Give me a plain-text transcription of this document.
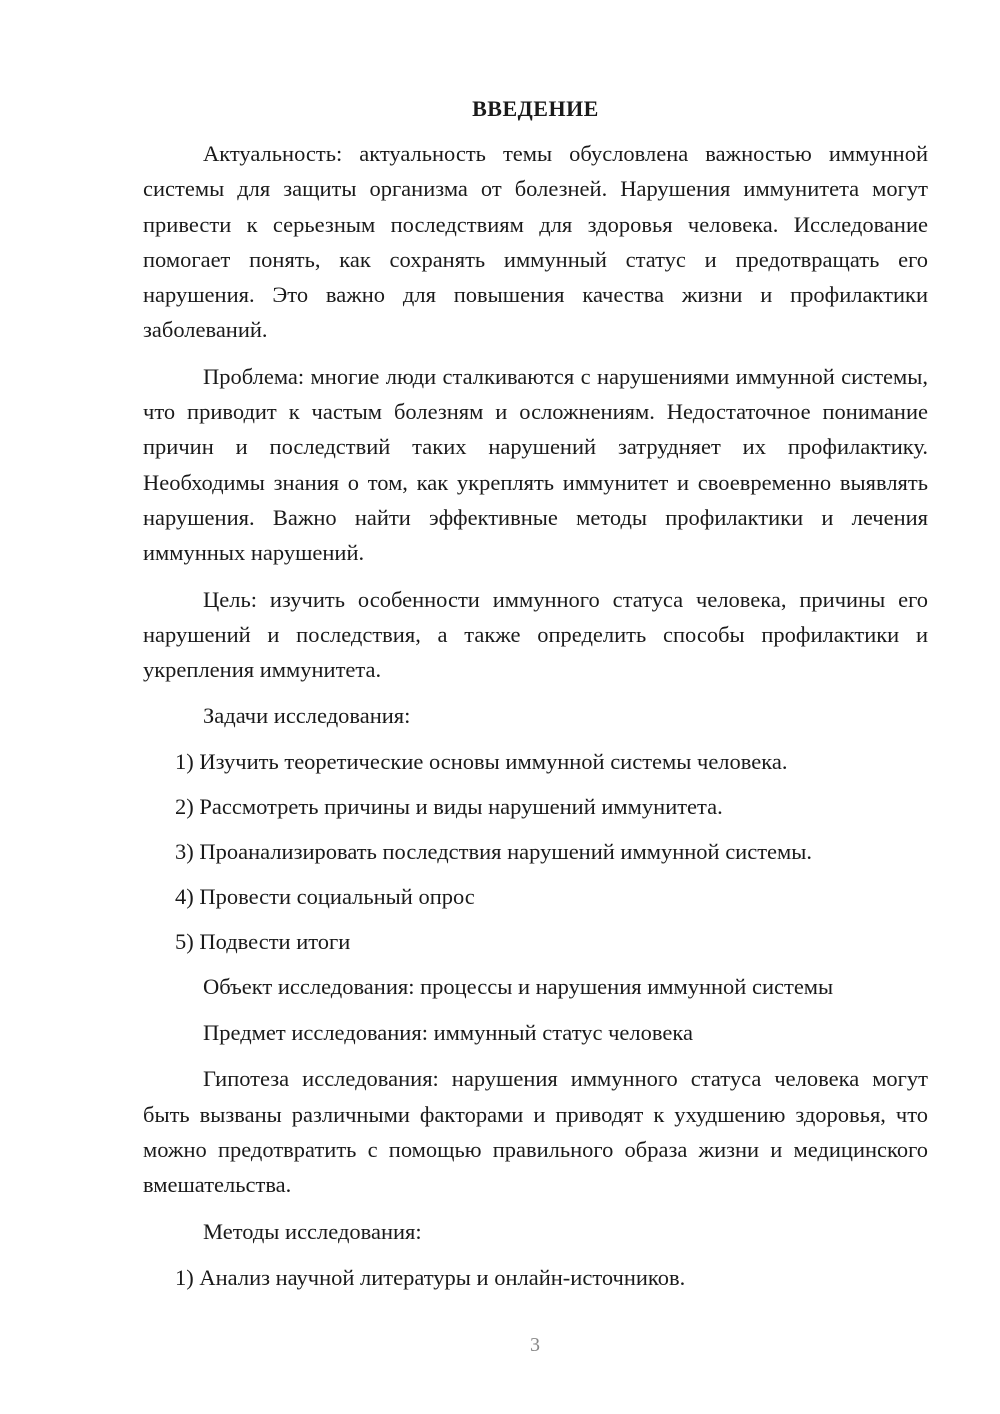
ВВЕДЕНИЕ

Актуальность: актуальность темы обусловлена важностью иммунной системы для защиты организма от болезней. Нарушения иммунитета могут привести к серьезным последствиям для здоровья человека. Исследование помогает понять, как сохранять иммунный статус и предотвращать его нарушения. Это важно для повышения качества жизни и профилактики заболеваний.

Проблема: многие люди сталкиваются с нарушениями иммунной системы, что приводит к частым болезням и осложнениям. Недостаточное понимание причин и последствий таких нарушений затрудняет их профилактику. Необходимы знания о том, как укреплять иммунитет и своевременно выявлять нарушения. Важно найти эффективные методы профилактики и лечения иммунных нарушений.

Цель: изучить особенности иммунного статуса человека, причины его нарушений и последствия, а также определить способы профилактики и укрепления иммунитета.

Задачи исследования:
1) Изучить теоретические основы иммунной системы человека.
2) Рассмотреть причины и виды нарушений иммунитета.
3) Проанализировать последствия нарушений иммунной системы.
4) Провести социальный опрос
5) Подвести итоги
Объект исследования: процессы и нарушения иммунной системы
Предмет исследования: иммунный статус человека

Гипотеза исследования: нарушения иммунного статуса человека могут быть вызваны различными факторами и приводят к ухудшению здоровья, что можно предотвратить с помощью правильного образа жизни и медицинского вмешательства.

Методы исследования:
1) Анализ научной литературы и онлайн-источников.
3
